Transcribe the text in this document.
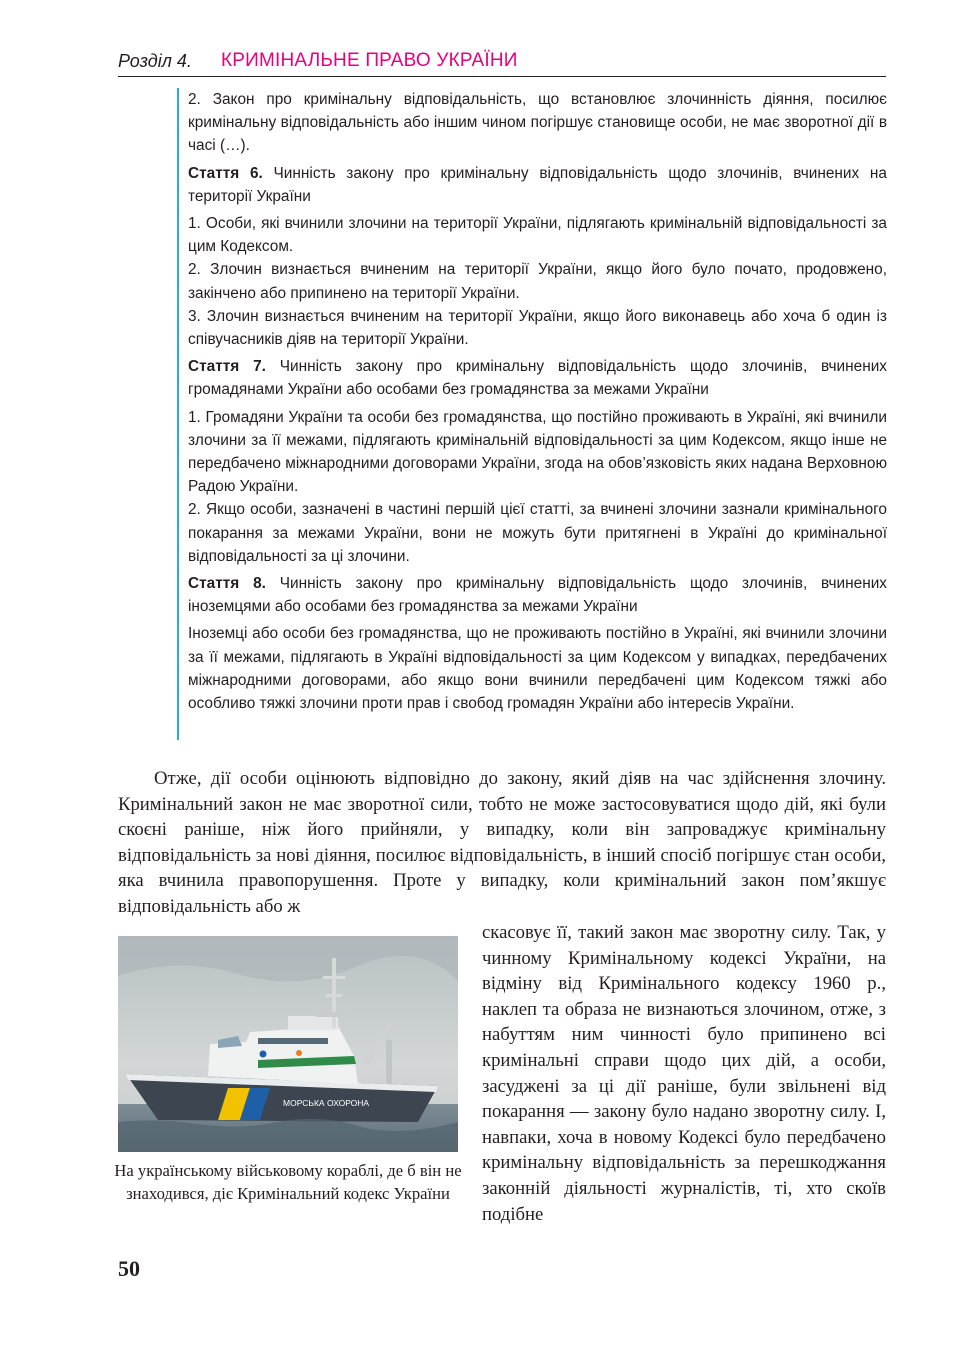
Розділ 4. КРИМІНАЛЬНЕ ПРАВО УКРАЇНИ

2. Закон про кримінальну відповідальність, що встановлює злочинність діяння, посилює кримінальну відповідальність або іншим чином погіршує становище особи, не має зворотної дії в часі (…).

Стаття 6. Чинність закону про кримінальну відповідальність щодо злочинів, вчинених на території України

1. Особи, які вчинили злочини на території України, підлягають кримінальній відповідальності за цим Кодексом.

2. Злочин визнається вчиненим на території України, якщо його було почато, продовжено, закінчено або припинено на території України.

3. Злочин визнається вчиненим на території України, якщо його виконавець або хоча б один із співучасників діяв на території України.

Стаття 7. Чинність закону про кримінальну відповідальність щодо злочинів, вчинених громадянами України або особами без громадянства за межами України

1. Громадяни України та особи без громадянства, що постійно проживають в Україні, які вчинили злочини за її межами, підлягають кримінальній відповідальності за цим Кодексом, якщо інше не передбачено міжнародними договорами України, згода на обов’язковість яких надана Верховною Радою України.

2. Якщо особи, зазначені в частині першій цієї статті, за вчинені злочини зазнали кримінального покарання за межами України, вони не можуть бути притягнені в Україні до кримінальної відповідальності за ці злочини.

Стаття 8. Чинність закону про кримінальну відповідальність щодо злочинів, вчинених іноземцями або особами без громадянства за межами України

Іноземці або особи без громадянства, що не проживають постійно в Україні, які вчинили злочини за її межами, підлягають в Україні відповідальності за цим Кодексом у випадках, передбачених міжнародними договорами, або якщо вони вчинили передбачені цим Кодексом тяжкі або особливо тяжкі злочини проти прав і свобод громадян України або інтересів України.

Отже, дії особи оцінюють відповідно до закону, який діяв на час здійснення злочину. Кримінальний закон не має зворотної сили, тобто не може застосовуватися щодо дій, які були скоєні раніше, ніж його прийняли, у випадку, коли він запроваджує кримінальну відповідальність за нові діяння, посилює відповідальність, в інший спосіб погіршує стан особи, яка вчинила правопорушення. Проте у випадку, коли кримінальний закон пом’якшує відповідальність або ж

МОРСЬКА ОХОРОНА

На українському військовому кораблі, де б він не знаходився, діє Кримінальний кодекс України

скасовує її, такий закон має зворотну силу. Так, у чинному Кримінальному кодексі України, на відміну від Кримінального кодексу 1960 р., наклеп та образа не визнаються злочином, отже, з набуттям ним чинності було припинено всі кримінальні справи щодо цих дій, а особи, засуджені за ці дії раніше, були звільнені від покарання — закону було надано зворотну силу. І, навпаки, хоча в новому Кодексі було передбачено кримінальну відповідальність за перешкоджання законній діяльності журналістів, ті, хто скоїв подібне

50
